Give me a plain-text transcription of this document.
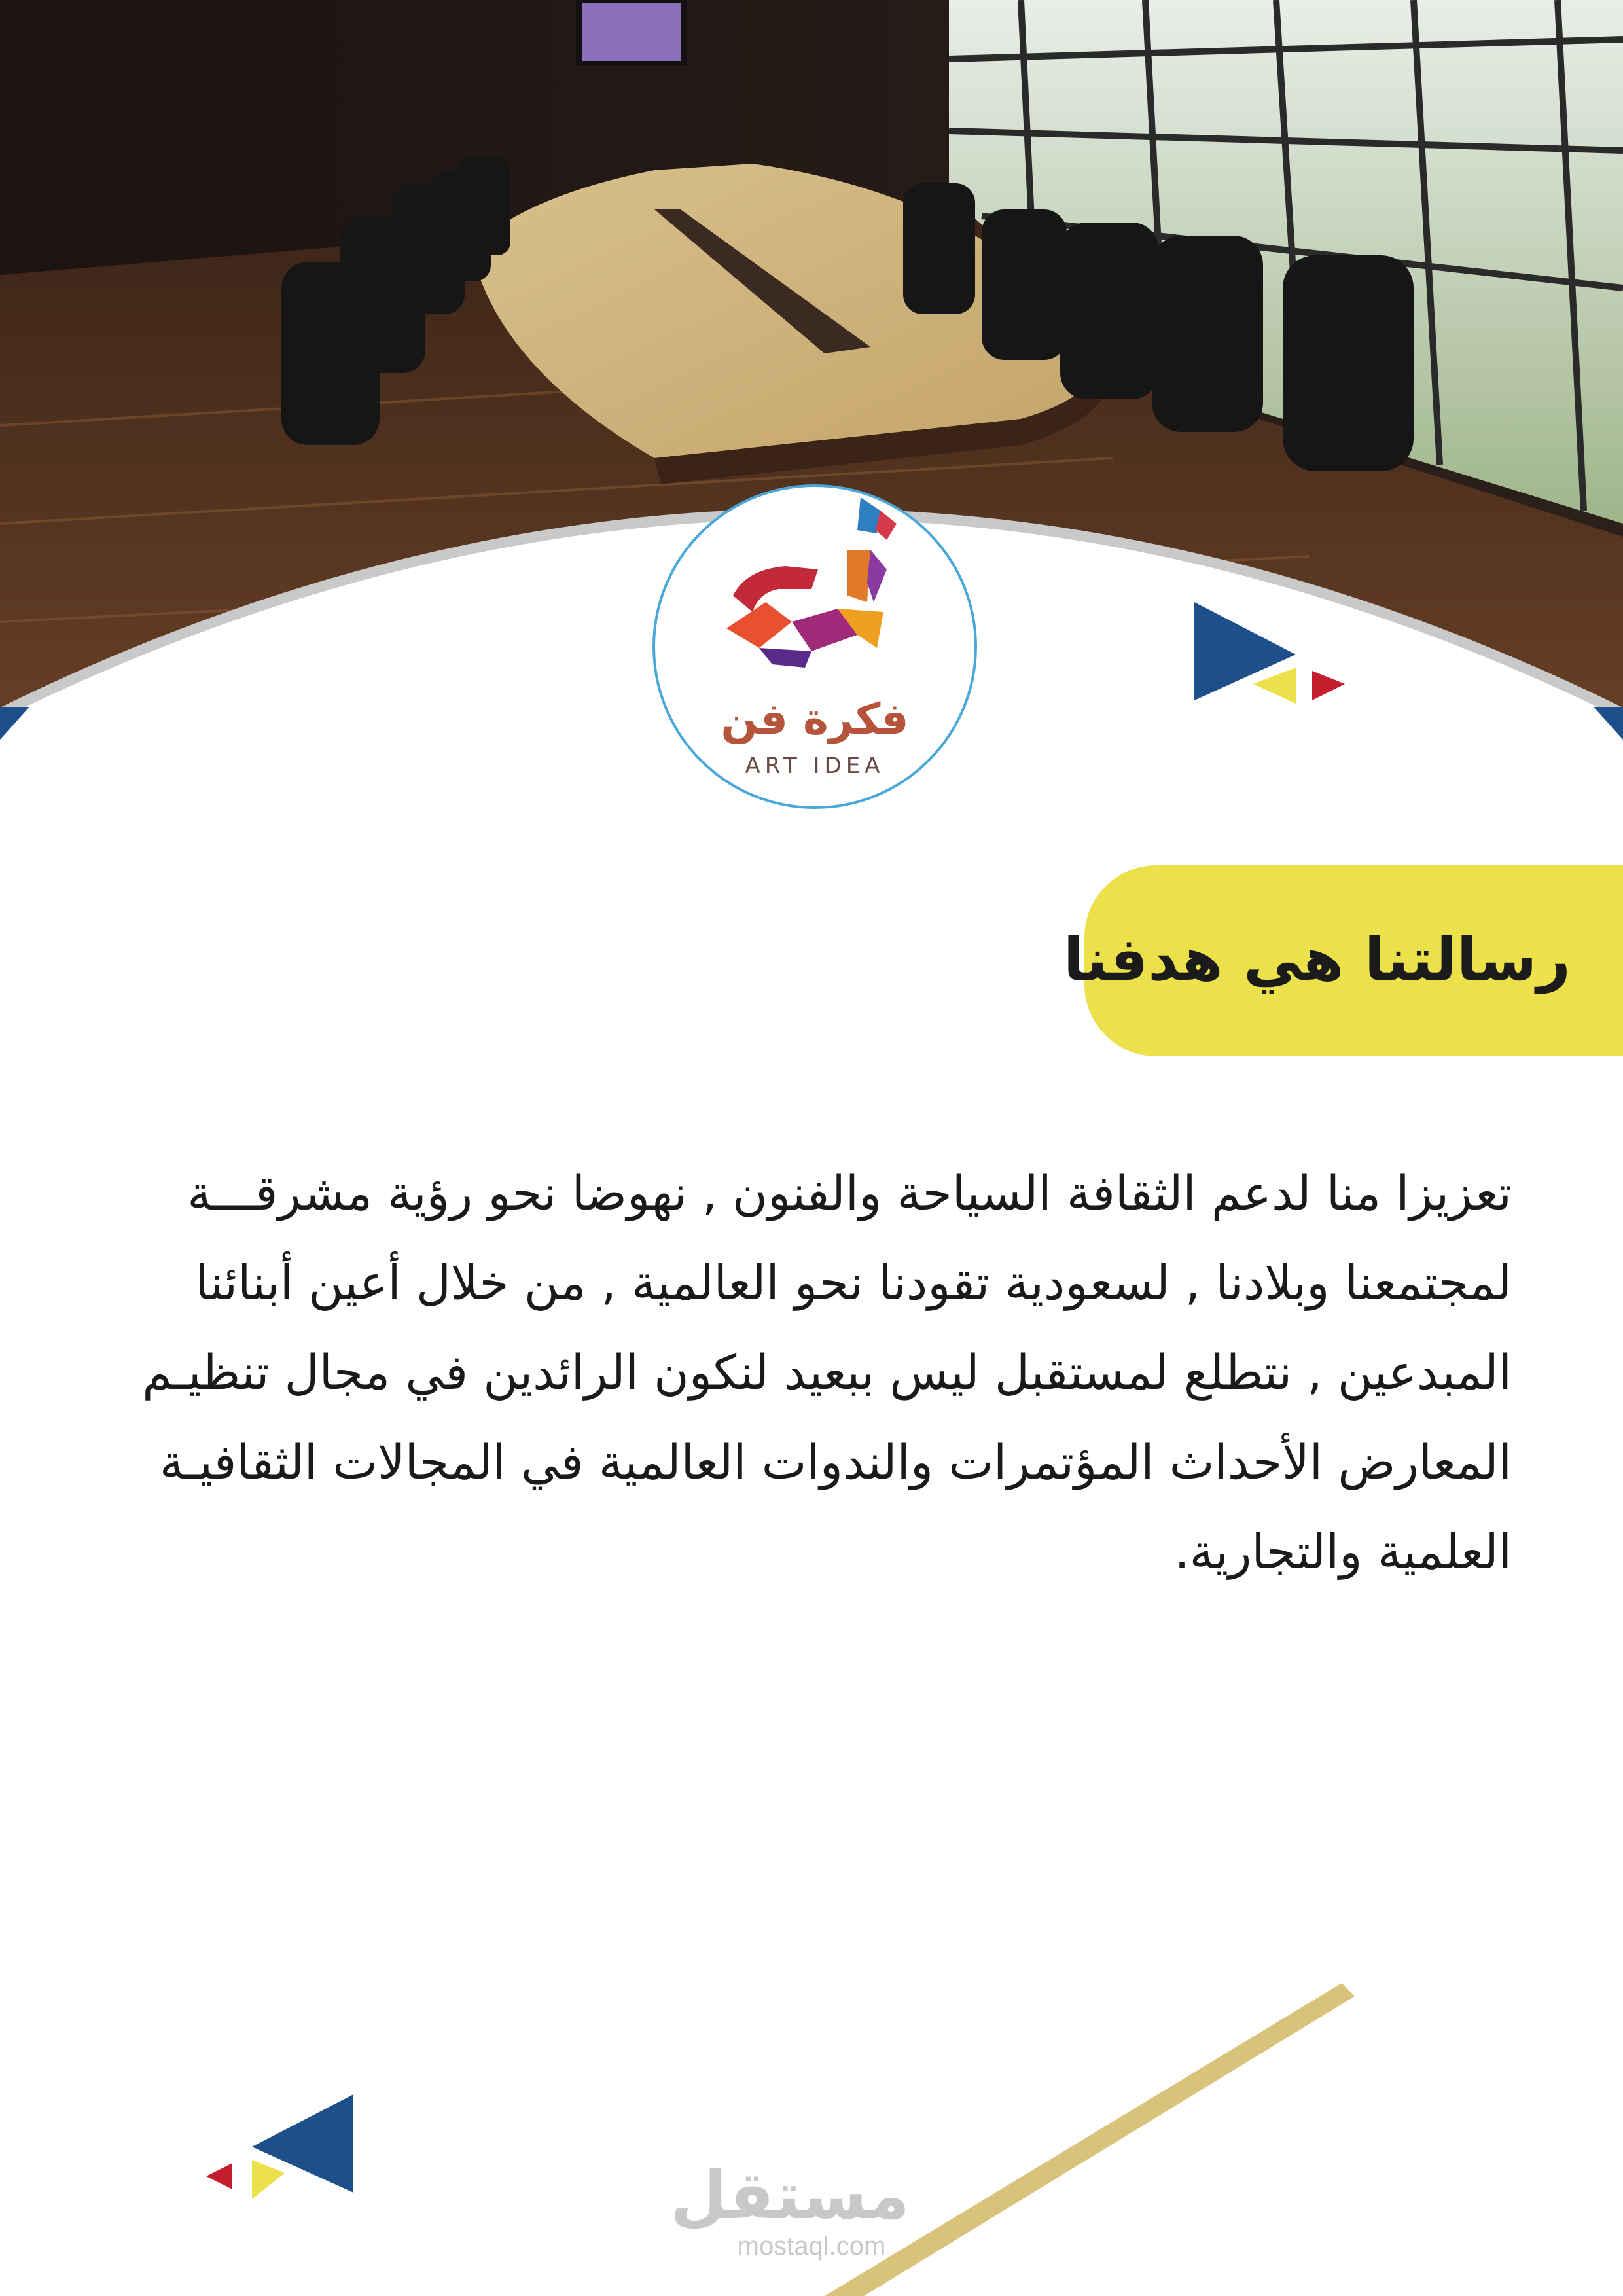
فكرة فن
ART IDEA
رسالتنا هي هدفنا
تعزيزا منا لدعم الثقافة السياحة والفنون , نهوضا نحو رؤية مشرقـــة
لمجتمعنا وبلادنا , لسعودية تقودنا نحو العالمية , من خلال أعين أبنائنا
المبدعين , نتطلع لمستقبل ليس ببعيد لنكون الرائدين في مجال تنظيـم
المعارض الأحداث المؤتمرات والندوات العالمية في المجالات الثقافيـة
العلمية والتجارية.
مستقل
mostaql.com
